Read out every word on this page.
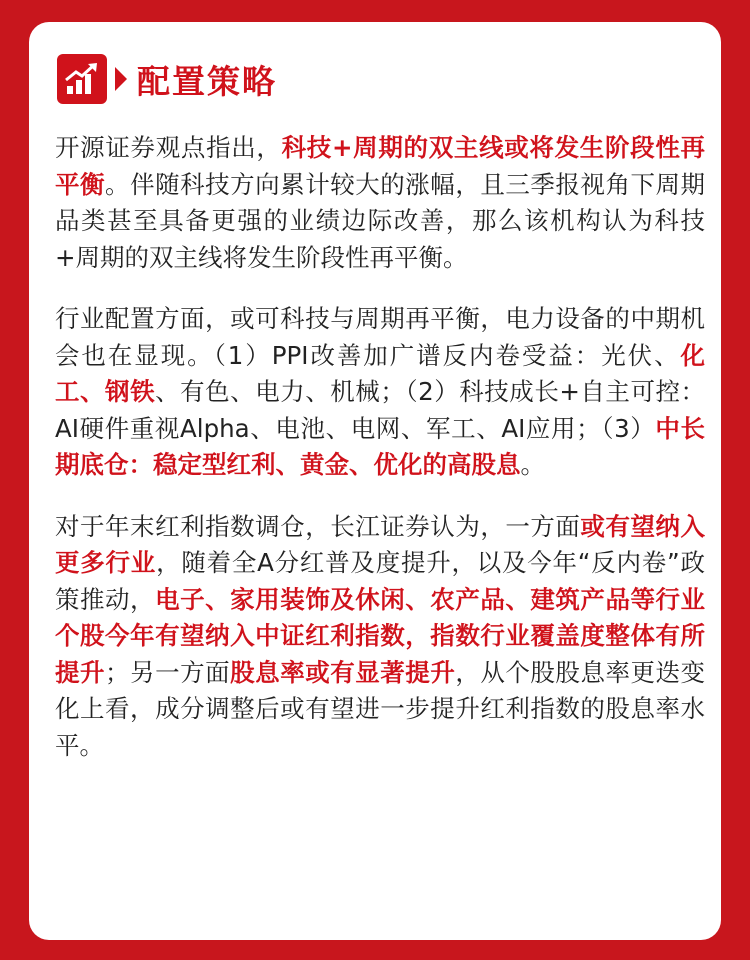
配置策略

开源证券观点指出，科技+周期的双主线或将发生阶段性再平衡。伴随科技方向累计较大的涨幅，且三季报视角下周期品类甚至具备更强的业绩边际改善，那么该机构认为科技+周期的双主线将发生阶段性再平衡。

行业配置方面，或可科技与周期再平衡，电力设备的中期机会也在显现。（1）PPI改善加广谱反内卷受益：光伏、化工、钢铁、有色、电力、机械；（2）科技成长+自主可控：AI硬件重视Alpha、电池、电网、军工、AI应用；（3）中长期底仓：稳定型红利、黄金、优化的高股息。

对于年末红利指数调仓，长江证券认为，一方面或有望纳入更多行业，随着全A分红普及度提升，以及今年“反内卷”政策推动，电子、家用装饰及休闲、农产品、建筑产品等行业个股今年有望纳入中证红利指数，指数行业覆盖度整体有所提升；另一方面股息率或有显著提升，从个股股息率更迭变化上看，成分调整后或有望进一步提升红利指数的股息率水平。
